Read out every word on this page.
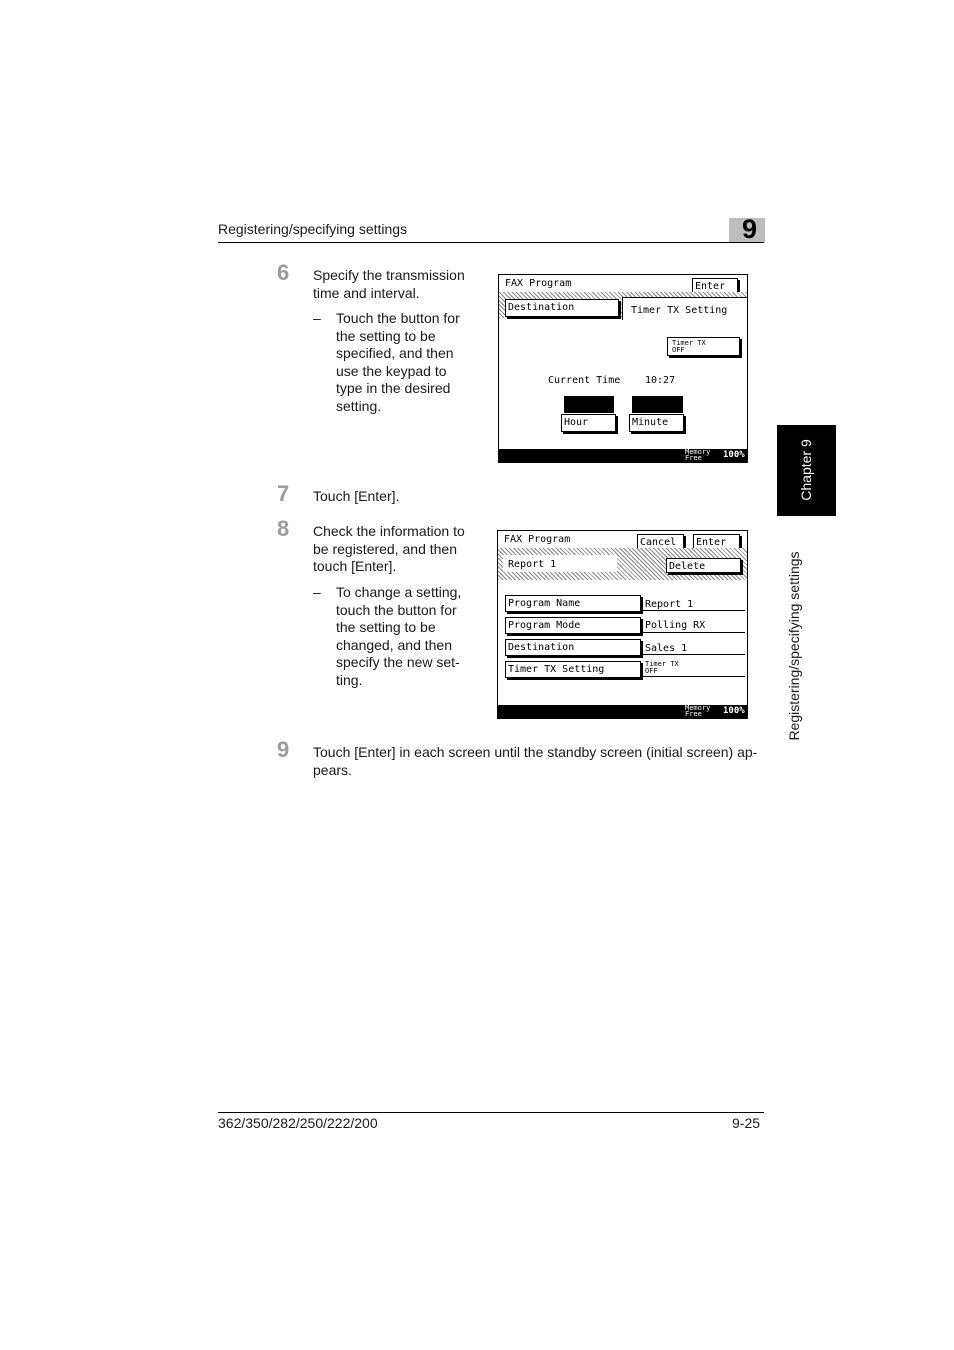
Registering/specifying settings	9
Chapter 9
Registering/specifying settings
6 Specify the transmission
time and interval.
– Touch the button for
the setting to be
specified, and then
use the keypad to
type in the desired
setting.
FAX Program	Enter
Destination	Timer TX Setting
Timer TX
OFF
Current Time 10:27
Hour	Minute
Memory
Free 100%
7 Touch [Enter].
8 Check the information to
be registered, and then
touch [Enter].
– To change a setting,
touch the button for
the setting to be
changed, and then
specify the new set-
ting.
FAX Program	Cancel Enter
Report 1	Delete
Program Name	Report 1
Program Mode	Polling RX
Destination	Sales 1
Timer TX Setting	Timer TX
OFF
Memory
Free 100%
9 Touch [Enter] in each screen until the standby screen (initial screen) ap-
pears.
362/350/282/250/222/200	9-25
